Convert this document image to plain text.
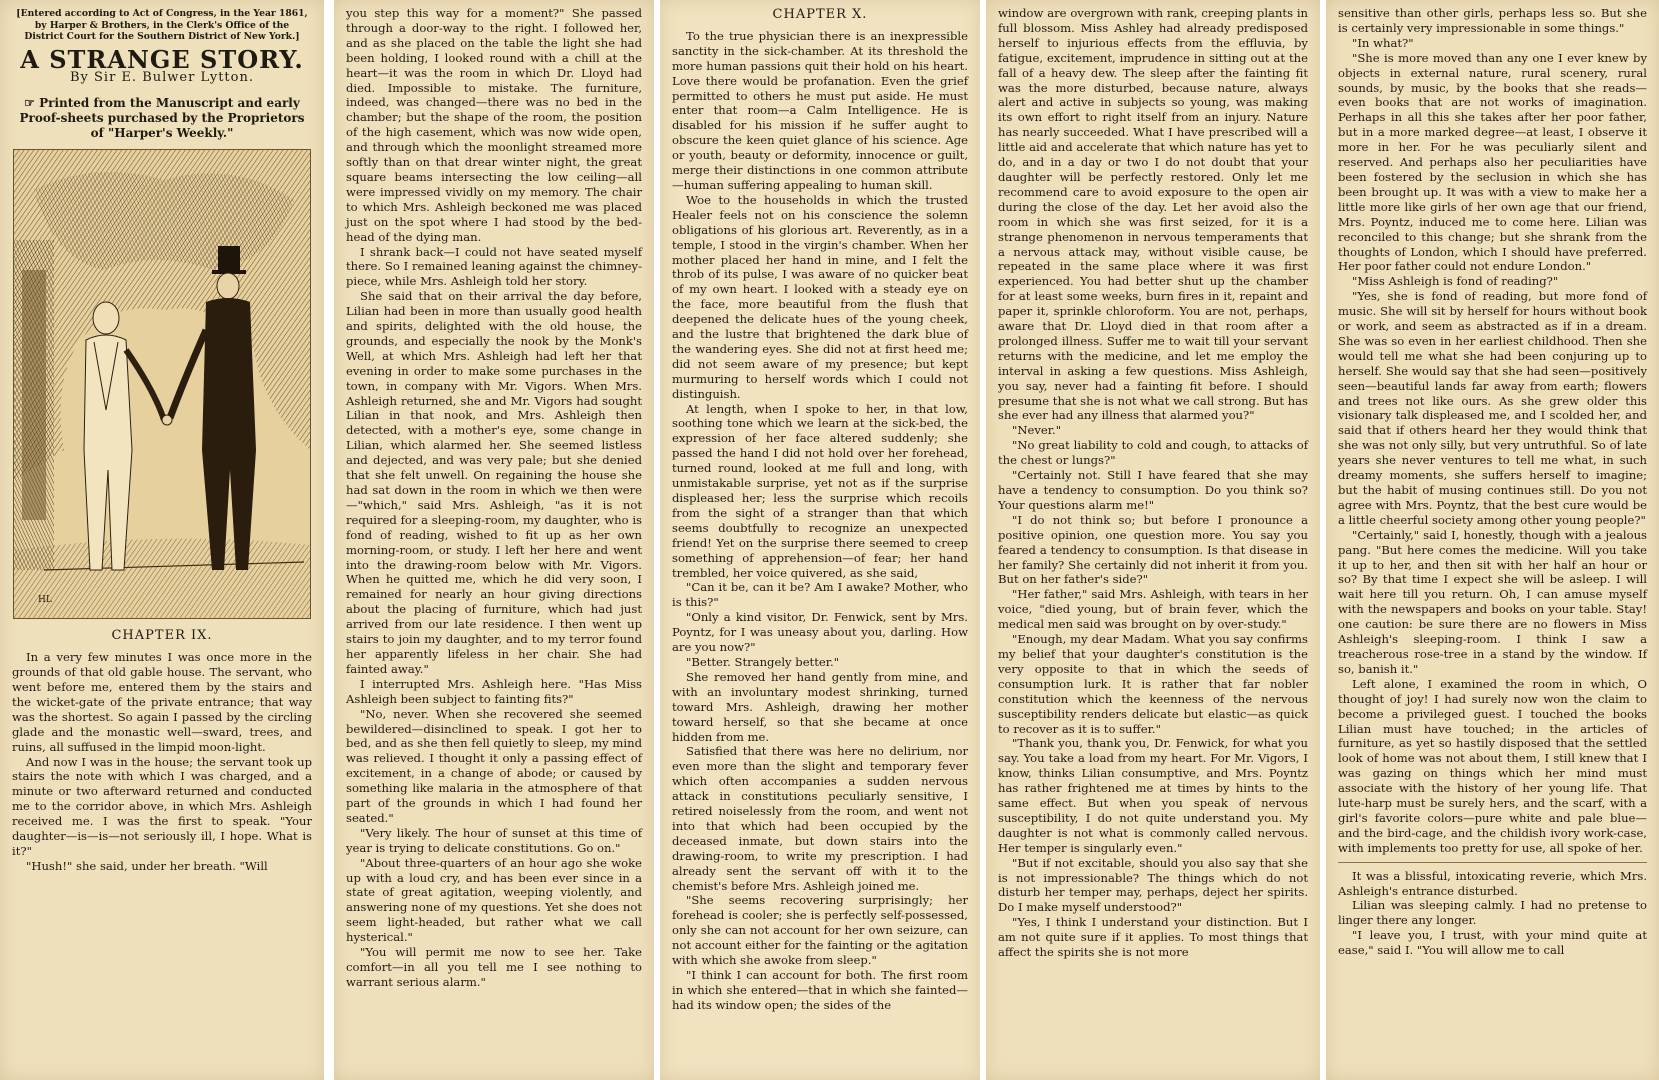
[Entered according to Act of Congress, in the Year 1861, by Harper & Brothers, in the Clerk's Office of the District Court for the Southern District of New York.]
A STRANGE STORY.
By Sir E. Bulwer Lytton.
☞ Printed from the Manuscript and early Proof-sheets purchased by the Proprietors of "Harper's Weekly."
HL
CHAPTER IX.

In a very few minutes I was once more in the grounds of that old gable house. The servant, who went before me, entered them by the stairs and the wicket-gate of the private entrance; that way was the shortest. So again I passed by the circling glade and the monastic well—sward, trees, and ruins, all suffused in the limpid moon-light.

And now I was in the house; the servant took up stairs the note with which I was charged, and a minute or two afterward returned and conducted me to the corridor above, in which Mrs. Ashleigh received me. I was the first to speak. "Your daughter—is—is—not seriously ill, I hope. What is it?"

"Hush!" she said, under her breath. "Will

you step this way for a moment?" She passed through a door-way to the right. I followed her, and as she placed on the table the light she had been holding, I looked round with a chill at the heart—it was the room in which Dr. Lloyd had died. Impossible to mistake. The furniture, indeed, was changed—there was no bed in the chamber; but the shape of the room, the position of the high casement, which was now wide open, and through which the moonlight streamed more softly than on that drear winter night, the great square beams intersecting the low ceiling—all were impressed vividly on my memory. The chair to which Mrs. Ashleigh beckoned me was placed just on the spot where I had stood by the bed-head of the dying man.

I shrank back—I could not have seated myself there. So I remained leaning against the chimney-piece, while Mrs. Ashleigh told her story.

She said that on their arrival the day before, Lilian had been in more than usually good health and spirits, delighted with the old house, the grounds, and especially the nook by the Monk's Well, at which Mrs. Ashleigh had left her that evening in order to make some purchases in the town, in company with Mr. Vigors. When Mrs. Ashleigh returned, she and Mr. Vigors had sought Lilian in that nook, and Mrs. Ashleigh then detected, with a mother's eye, some change in Lilian, which alarmed her. She seemed listless and dejected, and was very pale; but she denied that she felt unwell. On regaining the house she had sat down in the room in which we then were—"which," said Mrs. Ashleigh, "as it is not required for a sleeping-room, my daughter, who is fond of reading, wished to fit up as her own morning-room, or study. I left her here and went into the drawing-room below with Mr. Vigors. When he quitted me, which he did very soon, I remained for nearly an hour giving directions about the placing of furniture, which had just arrived from our late residence. I then went up stairs to join my daughter, and to my terror found her apparently lifeless in her chair. She had fainted away."

I interrupted Mrs. Ashleigh here. "Has Miss Ashleigh been subject to fainting fits?"

"No, never. When she recovered she seemed bewildered—disinclined to speak. I got her to bed, and as she then fell quietly to sleep, my mind was relieved. I thought it only a passing effect of excitement, in a change of abode; or caused by something like malaria in the atmosphere of that part of the grounds in which I had found her seated."

"Very likely. The hour of sunset at this time of year is trying to delicate constitutions. Go on."

"About three-quarters of an hour ago she woke up with a loud cry, and has been ever since in a state of great agitation, weeping violently, and answering none of my questions. Yet she does not seem light-headed, but rather what we call hysterical."

"You will permit me now to see her. Take comfort—in all you tell me I see nothing to warrant serious alarm."

CHAPTER X.

To the true physician there is an inexpressible sanctity in the sick-chamber. At its threshold the more human passions quit their hold on his heart. Love there would be profanation. Even the grief permitted to others he must put aside. He must enter that room—a Calm Intelligence. He is disabled for his mission if he suffer aught to obscure the keen quiet glance of his science. Age or youth, beauty or deformity, innocence or guilt, merge their distinctions in one common attribute—human suffering appealing to human skill.

Woe to the households in which the trusted Healer feels not on his conscience the solemn obligations of his glorious art. Reverently, as in a temple, I stood in the virgin's chamber. When her mother placed her hand in mine, and I felt the throb of its pulse, I was aware of no quicker beat of my own heart. I looked with a steady eye on the face, more beautiful from the flush that deepened the delicate hues of the young cheek, and the lustre that brightened the dark blue of the wandering eyes. She did not at first heed me; did not seem aware of my presence; but kept murmuring to herself words which I could not distinguish.

At length, when I spoke to her, in that low, soothing tone which we learn at the sick-bed, the expression of her face altered suddenly; she passed the hand I did not hold over her forehead, turned round, looked at me full and long, with unmistakable surprise, yet not as if the surprise displeased her; less the surprise which recoils from the sight of a stranger than that which seems doubtfully to recognize an unexpected friend! Yet on the surprise there seemed to creep something of apprehension—of fear; her hand trembled, her voice quivered, as she said,

"Can it be, can it be? Am I awake? Mother, who is this?"

"Only a kind visitor, Dr. Fenwick, sent by Mrs. Poyntz, for I was uneasy about you, darling. How are you now?"

"Better. Strangely better."

She removed her hand gently from mine, and with an involuntary modest shrinking, turned toward Mrs. Ashleigh, drawing her mother toward herself, so that she became at once hidden from me.

Satisfied that there was here no delirium, nor even more than the slight and temporary fever which often accompanies a sudden nervous attack in constitutions peculiarly sensitive, I retired noiselessly from the room, and went not into that which had been occupied by the deceased inmate, but down stairs into the drawing-room, to write my prescription. I had already sent the servant off with it to the chemist's before Mrs. Ashleigh joined me.

"She seems recovering surprisingly; her forehead is cooler; she is perfectly self-possessed, only she can not account for her own seizure, can not account either for the fainting or the agitation with which she awoke from sleep."

"I think I can account for both. The first room in which she entered—that in which she fainted—had its window open; the sides of the

window are overgrown with rank, creeping plants in full blossom. Miss Ashley had already predisposed herself to injurious effects from the effluvia, by fatigue, excitement, imprudence in sitting out at the fall of a heavy dew. The sleep after the fainting fit was the more disturbed, because nature, always alert and active in subjects so young, was making its own effort to right itself from an injury. Nature has nearly succeeded. What I have prescribed will a little aid and accelerate that which nature has yet to do, and in a day or two I do not doubt that your daughter will be perfectly restored. Only let me recommend care to avoid exposure to the open air during the close of the day. Let her avoid also the room in which she was first seized, for it is a strange phenomenon in nervous temperaments that a nervous attack may, without visible cause, be repeated in the same place where it was first experienced. You had better shut up the chamber for at least some weeks, burn fires in it, repaint and paper it, sprinkle chloroform. You are not, perhaps, aware that Dr. Lloyd died in that room after a prolonged illness. Suffer me to wait till your servant returns with the medicine, and let me employ the interval in asking a few questions. Miss Ashleigh, you say, never had a fainting fit before. I should presume that she is not what we call strong. But has she ever had any illness that alarmed you?"

"Never."

"No great liability to cold and cough, to attacks of the chest or lungs?"

"Certainly not. Still I have feared that she may have a tendency to consumption. Do you think so? Your questions alarm me!"

"I do not think so; but before I pronounce a positive opinion, one question more. You say you feared a tendency to consumption. Is that disease in her family? She certainly did not inherit it from you. But on her father's side?"

"Her father," said Mrs. Ashleigh, with tears in her voice, "died young, but of brain fever, which the medical men said was brought on by over-study."

"Enough, my dear Madam. What you say confirms my belief that your daughter's constitution is the very opposite to that in which the seeds of consumption lurk. It is rather that far nobler constitution which the keenness of the nervous susceptibility renders delicate but elastic—as quick to recover as it is to suffer."

"Thank you, thank you, Dr. Fenwick, for what you say. You take a load from my heart. For Mr. Vigors, I know, thinks Lilian consumptive, and Mrs. Poyntz has rather frightened me at times by hints to the same effect. But when you speak of nervous susceptibility, I do not quite understand you. My daughter is not what is commonly called nervous. Her temper is singularly even."

"But if not excitable, should you also say that she is not impressionable? The things which do not disturb her temper may, perhaps, deject her spirits. Do I make myself understood?"

"Yes, I think I understand your distinction. But I am not quite sure if it applies. To most things that affect the spirits she is not more

sensitive than other girls, perhaps less so. But she is certainly very impressionable in some things."

"In what?"

"She is more moved than any one I ever knew by objects in external nature, rural scenery, rural sounds, by music, by the books that she reads—even books that are not works of imagination. Perhaps in all this she takes after her poor father, but in a more marked degree—at least, I observe it more in her. For he was peculiarly silent and reserved. And perhaps also her peculiarities have been fostered by the seclusion in which she has been brought up. It was with a view to make her a little more like girls of her own age that our friend, Mrs. Poyntz, induced me to come here. Lilian was reconciled to this change; but she shrank from the thoughts of London, which I should have preferred. Her poor father could not endure London."

"Miss Ashleigh is fond of reading?"

"Yes, she is fond of reading, but more fond of music. She will sit by herself for hours without book or work, and seem as abstracted as if in a dream. She was so even in her earliest childhood. Then she would tell me what she had been conjuring up to herself. She would say that she had seen—positively seen—beautiful lands far away from earth; flowers and trees not like ours. As she grew older this visionary talk displeased me, and I scolded her, and said that if others heard her they would think that she was not only silly, but very untruthful. So of late years she never ventures to tell me what, in such dreamy moments, she suffers herself to imagine; but the habit of musing continues still. Do you not agree with Mrs. Poyntz, that the best cure would be a little cheerful society among other young people?"

"Certainly," said I, honestly, though with a jealous pang. "But here comes the medicine. Will you take it up to her, and then sit with her half an hour or so? By that time I expect she will be asleep. I will wait here till you return. Oh, I can amuse myself with the newspapers and books on your table. Stay! one caution: be sure there are no flowers in Miss Ashleigh's sleeping-room. I think I saw a treacherous rose-tree in a stand by the window. If so, banish it."

Left alone, I examined the room in which, O thought of joy! I had surely now won the claim to become a privileged guest. I touched the books Lilian must have touched; in the articles of furniture, as yet so hastily disposed that the settled look of home was not about them, I still knew that I was gazing on things which her mind must associate with the history of her young life. That lute-harp must be surely hers, and the scarf, with a girl's favorite colors—pure white and pale blue—and the bird-cage, and the childish ivory work-case, with implements too pretty for use, all spoke of her.

It was a blissful, intoxicating reverie, which Mrs. Ashleigh's entrance disturbed.

Lilian was sleeping calmly. I had no pretense to linger there any longer.

"I leave you, I trust, with your mind quite at ease," said I. "You will allow me to call
